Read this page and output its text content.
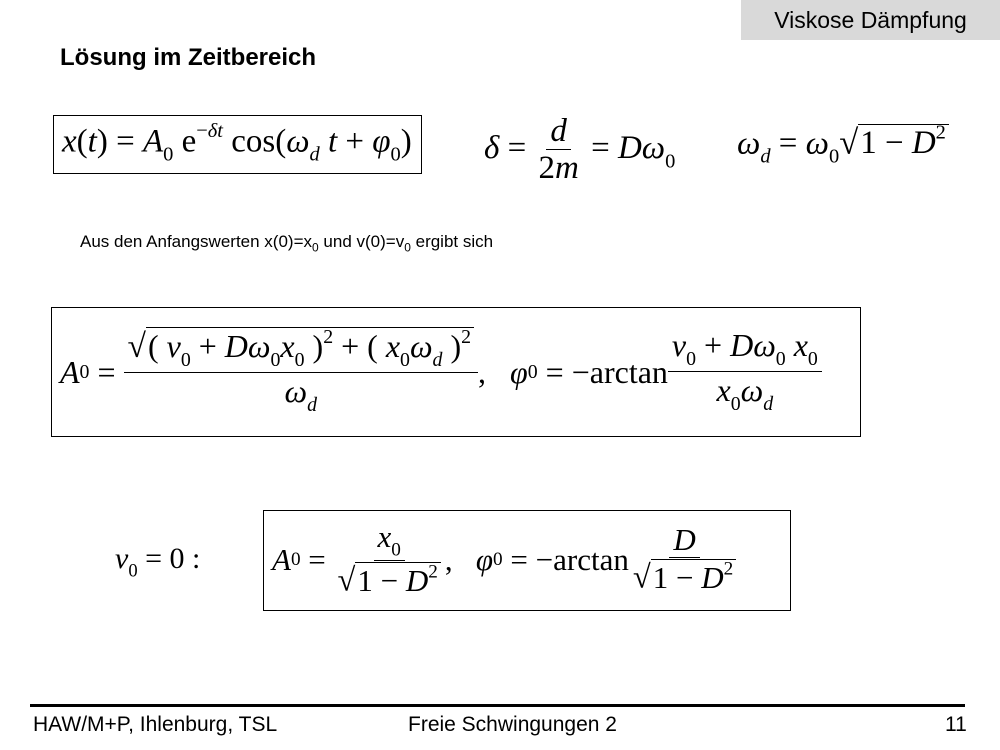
Viskose Dämpfung
Lösung im Zeitbereich
$x(t) = A_0$ $e^{-\delta t}$ $\cos(\omega_d$ $t + \varphi_0$) $\delta = \frac{d}{2m} = D\omega_0$
$\omega_d = \omega_0√1 - D^2$
Aus den Anfangswerten $x(0)=x_0$ und $v(0)=v_0$ ergibt sich
A $0 = \frac{√( v_0 + D\omega_0x_0 )^2 + ( x_0\omega_d )^2}{\omega_d}$ , φ $0 = -\arctan \frac{v_0 + D\omega_0 x_0}{x_0\omega_d}$
$v_0 = 0$ : A $0 = \frac{x_0}{√1 - D^2}$ , φ $0 = -\arctan \frac{D}{√1 - D^2}$
HAW/M+P, Ihlenburg, TSL	Freie Schwingungen 2	11
